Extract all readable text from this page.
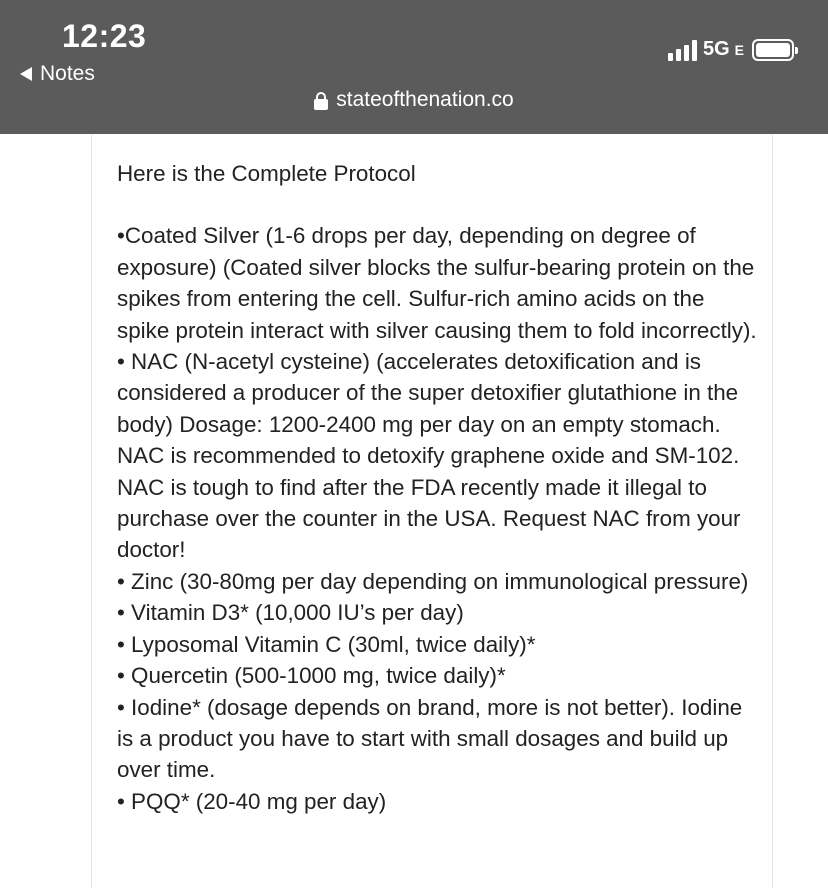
12:23
Notes
5G E
stateofthenation.co

Here is the Complete Protocol

•Coated Silver (1-6 drops per day, depending on degree of exposure) (Coated silver blocks the sulfur-bearing protein on the spikes from entering the cell. Sulfur-rich amino acids on the spike protein interact with silver causing them to fold incorrectly).

• NAC (N-acetyl cysteine) (accelerates detoxification and is considered a producer of the super detoxifier glutathione in the body) Dosage: 1200-2400 mg per day on an empty stomach. NAC is recommended to detoxify graphene oxide and SM-102. NAC is tough to find after the FDA recently made it illegal to purchase over the counter in the USA. Request NAC from your doctor!

• Zinc (30-80mg per day depending on immunological pressure)

• Vitamin D3* (10,000 IU’s per day)

• Lyposomal Vitamin C (30ml, twice daily)*

• Quercetin (500-1000 mg, twice daily)*

• Iodine* (dosage depends on brand, more is not better). Iodine is a product you have to start with small dosages and build up over time.

• PQQ* (20-40 mg per day)
